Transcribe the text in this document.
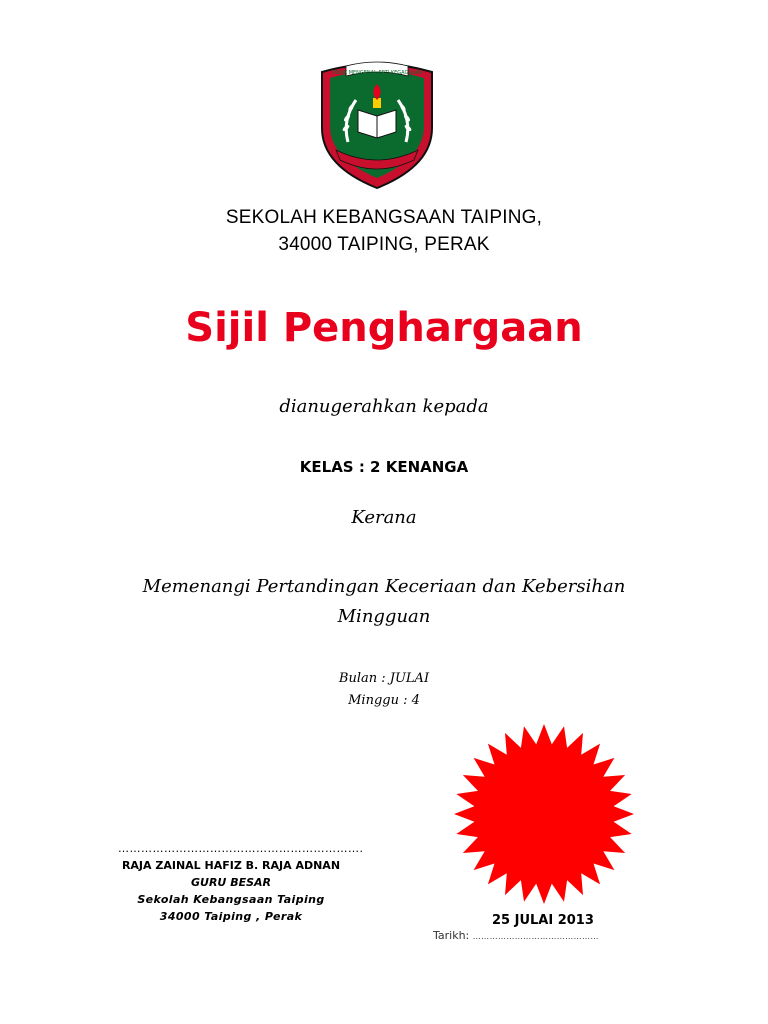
TIDAK MENGENAL ERTI KEGAGALAN
SEKOLAH KEBANGSAAN TAIPING,
34000 TAIPING, PERAK
Sijil Penghargaan
dianugerahkan kepada
KELAS : 2 KENANGA
Kerana
Memenangi Pertandingan Keceriaan dan Kebersihan
Mingguan
Bulan : JULAI
Minggu : 4
……………………………………………………….
RAJA ZAINAL HAFIZ B. RAJA ADNAN
GURU BESAR
Sekolah Kebangsaan Taiping
34000 Taiping , Perak	25 JULAI 2013
Tarikh: ………………………………………
